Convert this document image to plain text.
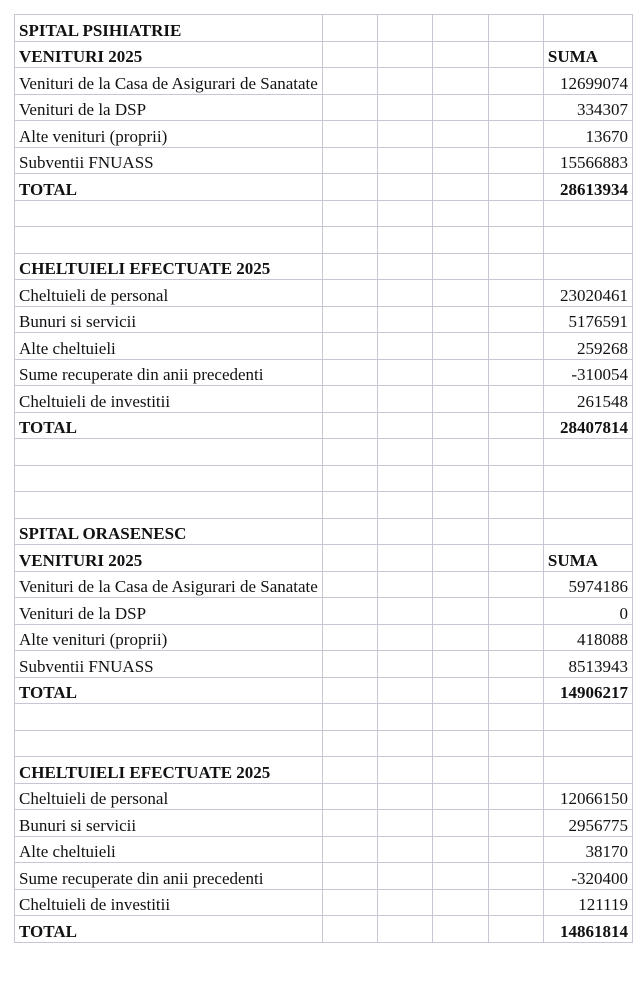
SPITAL PSIHIATRIE					
VENITURI 2025					SUMA
Venituri de la Casa de Asigurari de Sanatate					12699074
Venituri de la DSP					334307
Alte venituri (proprii)					13670
Subventii FNUASS					15566883
TOTAL					28613934

CHELTUIELI EFECTUATE 2025					
Cheltuieli de personal					23020461
Bunuri si servicii					5176591
Alte cheltuieli					259268
Sume recuperate din anii precedenti					-310054
Cheltuieli de investitii					261548
TOTAL					28407814

SPITAL ORASENESC					
VENITURI 2025					SUMA
Venituri de la Casa de Asigurari de Sanatate					5974186
Venituri de la DSP					0
Alte venituri (proprii)					418088
Subventii FNUASS					8513943
TOTAL					14906217

CHELTUIELI EFECTUATE 2025					
Cheltuieli de personal					12066150
Bunuri si servicii					2956775
Alte cheltuieli					38170
Sume recuperate din anii precedenti					-320400
Cheltuieli de investitii					121119
TOTAL					14861814
